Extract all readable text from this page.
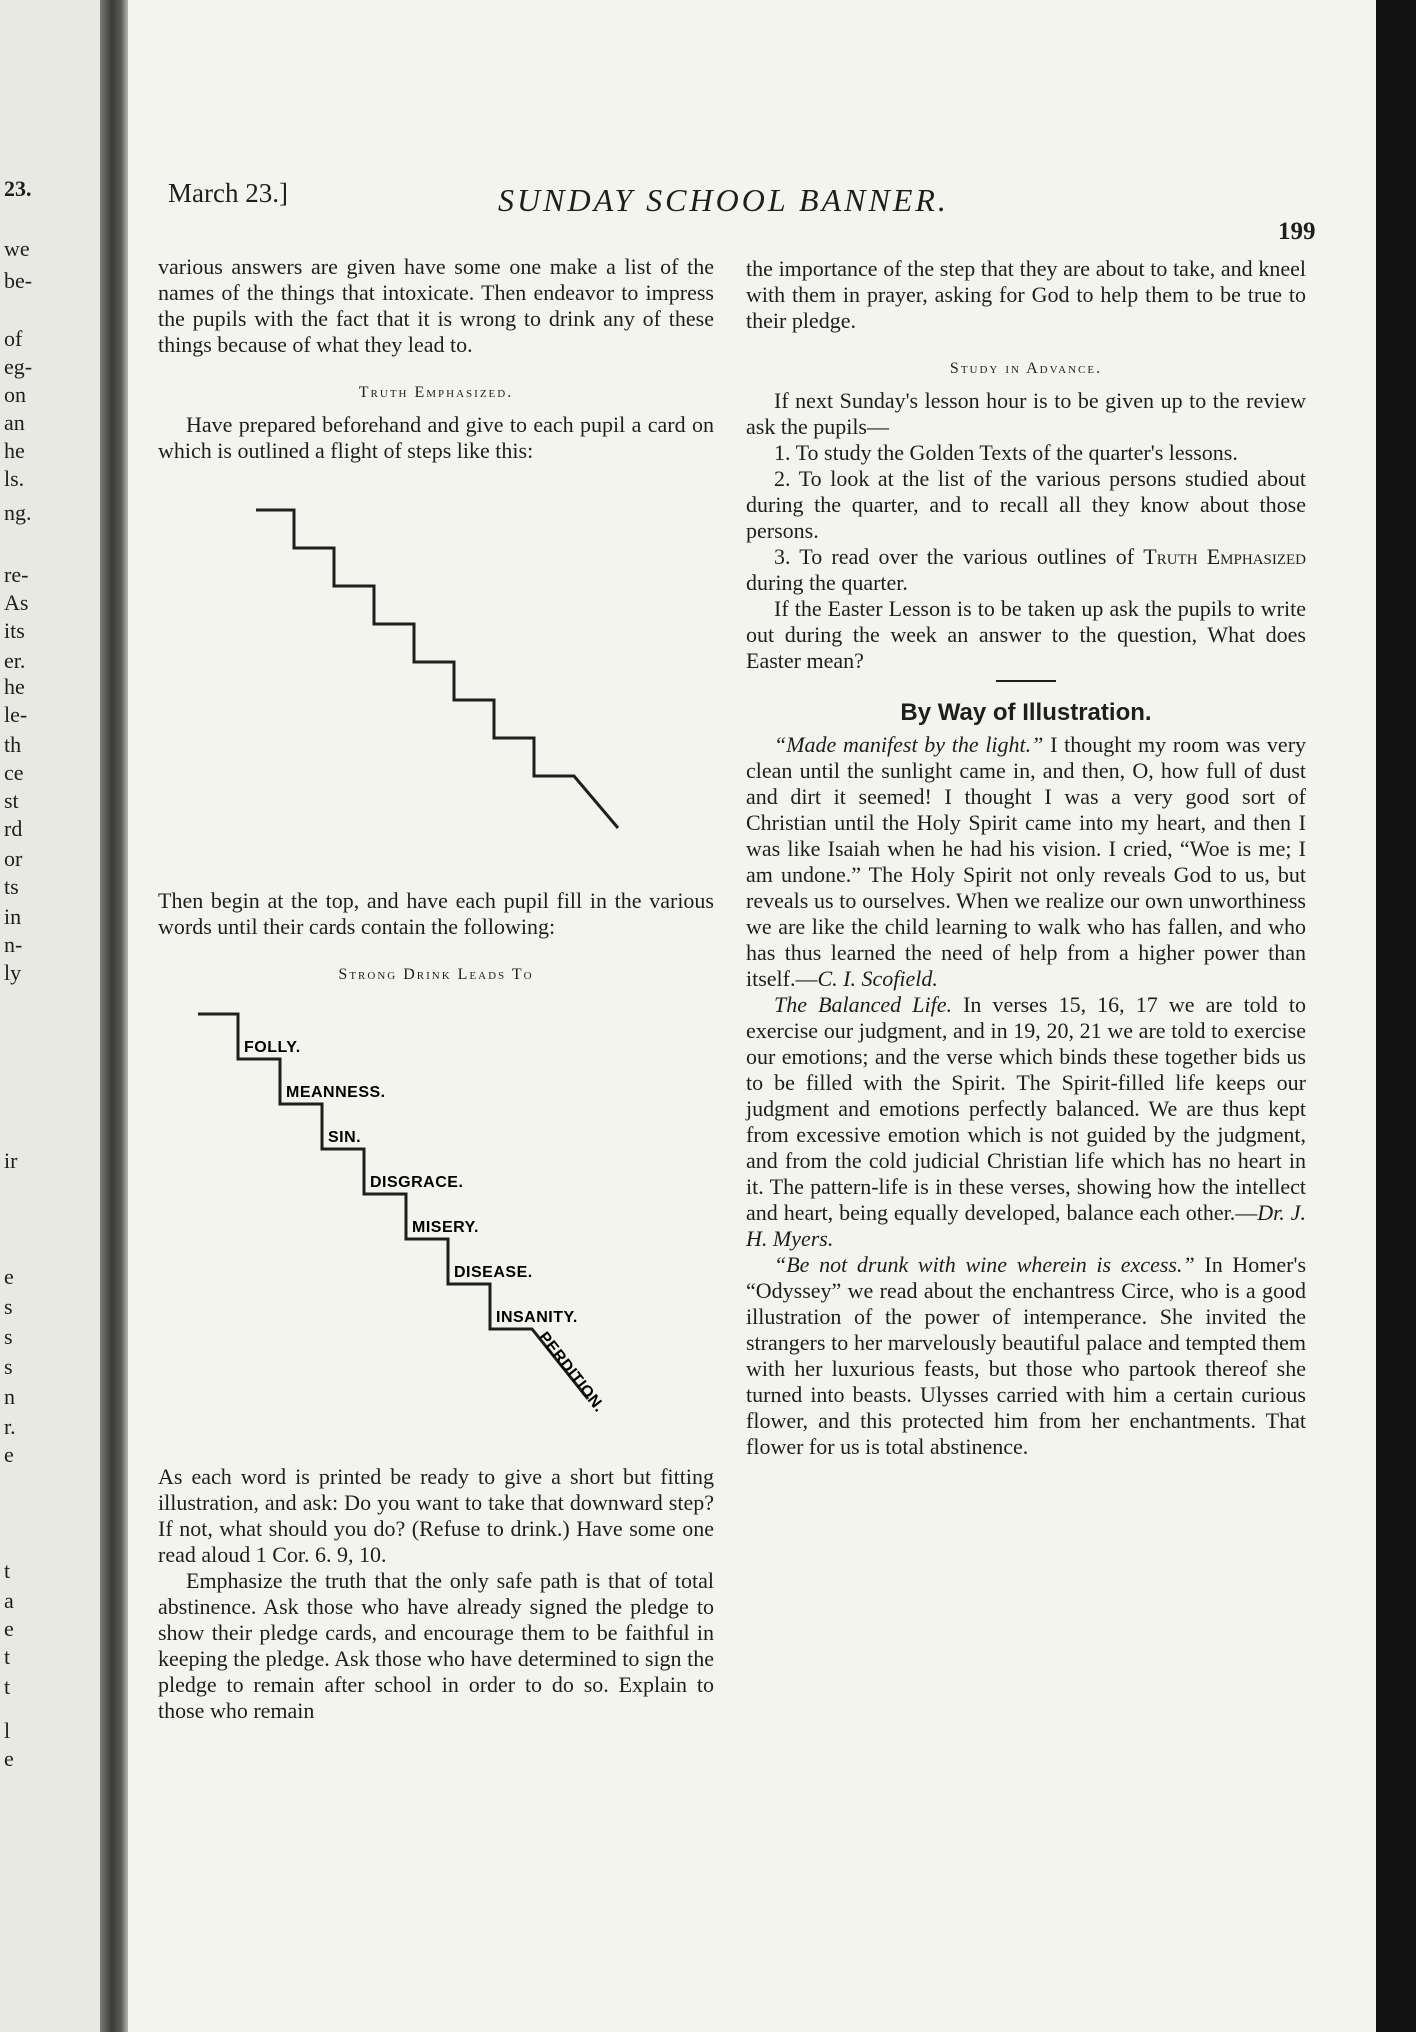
23.
we
be-
of
eg-
on
an
he
ls.
ng.
re-
As
its
er.
he
le-
th
ce
st
rd
or
ts
in
n-
ly
ir
e
s
s
s
n
r.
e
t
a
e
t
t
l
e
March 23.]	SUNDAY SCHOOL BANNER.
199

various answers are given have some one make a list of the names of the things that intoxicate. Then endeavor to impress the pupils with the fact that it is wrong to drink any of these things because of what they lead to.

Truth Emphasized.

Have prepared beforehand and give to each pupil a card on which is outlined a flight of steps like this:

Then begin at the top, and have each pupil fill in the various words until their cards contain the following:

Strong Drink Leads To

FOLLY.
MEANNESS.
SIN.
DISGRACE.
MISERY.
DISEASE.
INSANITY.
PERDITION.

As each word is printed be ready to give a short but fitting illustration, and ask: Do you want to take that downward step? If not, what should you do? (Refuse to drink.) Have some one read aloud 1 Cor. 6. 9, 10.

Emphasize the truth that the only safe path is that of total abstinence. Ask those who have already signed the pledge to show their pledge cards, and encourage them to be faithful in keeping the pledge. Ask those who have determined to sign the pledge to remain after school in order to do so. Explain to those who remain

the importance of the step that they are about to take, and kneel with them in prayer, asking for God to help them to be true to their pledge.

Study in Advance.

If next Sunday's lesson hour is to be given up to the review ask the pupils—

1. To study the Golden Texts of the quarter's lessons.

2. To look at the list of the various persons studied about during the quarter, and to recall all they know about those persons.

3. To read over the various outlines of Truth Emphasized during the quarter.

If the Easter Lesson is to be taken up ask the pupils to write out during the week an answer to the question, What does Easter mean?

By Way of Illustration.

“Made manifest by the light.” I thought my room was very clean until the sunlight came in, and then, O, how full of dust and dirt it seemed! I thought I was a very good sort of Christian until the Holy Spirit came into my heart, and then I was like Isaiah when he had his vision. I cried, “Woe is me; I am undone.” The Holy Spirit not only reveals God to us, but reveals us to ourselves. When we realize our own unworthiness we are like the child learning to walk who has fallen, and who has thus learned the need of help from a higher power than itself.—C. I. Scofield.

The Balanced Life. In verses 15, 16, 17 we are told to exercise our judgment, and in 19, 20, 21 we are told to exercise our emotions; and the verse which binds these together bids us to be filled with the Spirit. The Spirit-filled life keeps our judgment and emotions perfectly balanced. We are thus kept from excessive emotion which is not guided by the judgment, and from the cold judicial Christian life which has no heart in it. The pattern-life is in these verses, showing how the intellect and heart, being equally developed, balance each other.—Dr. J. H. Myers.

“Be not drunk with wine wherein is excess.” In Homer's “Odyssey” we read about the enchantress Circe, who is a good illustration of the power of intemperance. She invited the strangers to her marvelously beautiful palace and tempted them with her luxurious feasts, but those who partook thereof she turned into beasts. Ulysses carried with him a certain curious flower, and this protected him from her enchantments. That flower for us is total abstinence.
